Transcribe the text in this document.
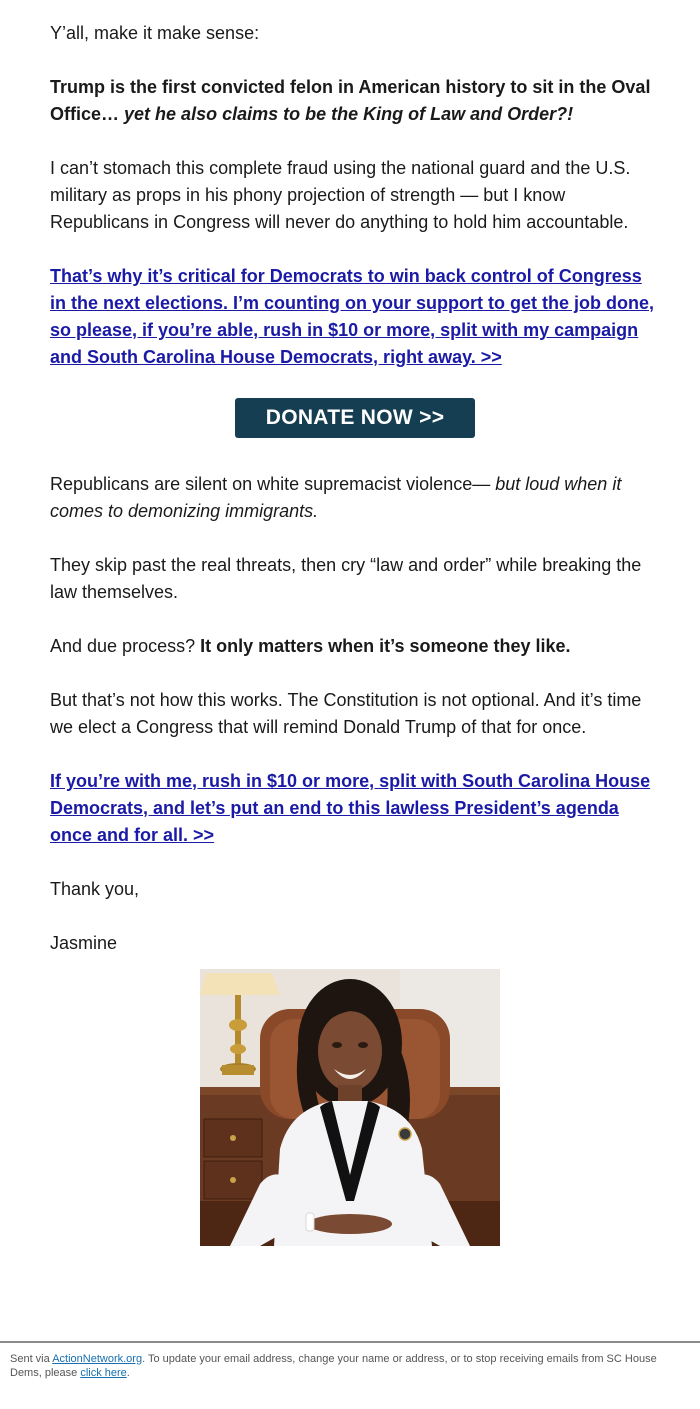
Y’all, make it make sense:

Trump is the first convicted felon in American history to sit in the Oval Office… yet he also claims to be the King of Law and Order?!

I can’t stomach this complete fraud using the national guard and the U.S. military as props in his phony projection of strength — but I know Republicans in Congress will never do anything to hold him accountable.

That’s why it’s critical for Democrats to win back control of Congress in the next elections. I’m counting on your support to get the job done, so please, if you’re able, rush in $10 or more, split with my campaign and South Carolina House Democrats, right away. >>

DONATE NOW >>

Republicans are silent on white supremacist violence— but loud when it comes to demonizing immigrants.

They skip past the real threats, then cry “law and order” while breaking the law themselves.

And due process? It only matters when it’s someone they like.

But that’s not how this works. The Constitution is not optional. And it’s time we elect a Congress that will remind Donald Trump of that for once.

If you’re with me, rush in $10 or more, split with South Carolina House Democrats, and let’s put an end to this lawless President’s agenda once and for all. >>

Thank you,

Jasmine

Sent via ActionNetwork.org. To update your email address, change your name or address, or to stop receiving emails from SC House Dems, please click here.
